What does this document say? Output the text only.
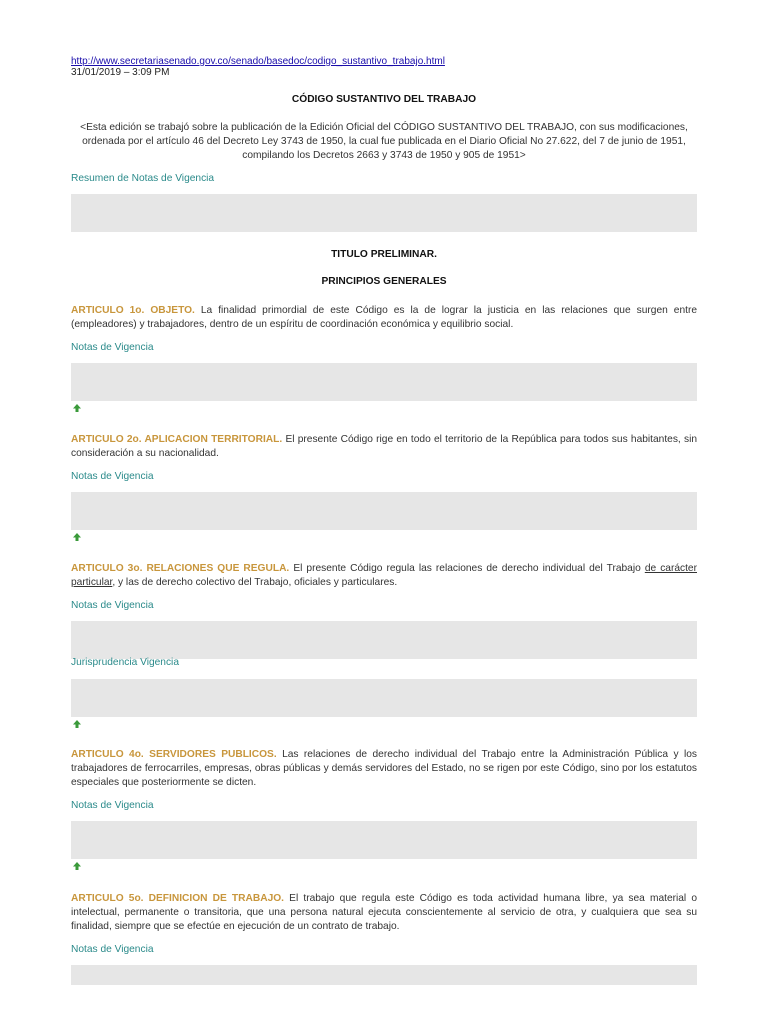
http://www.secretariasenado.gov.co/senado/basedoc/codigo_sustantivo_trabajo.html
31/01/2019 – 3:09 PM
CÓDIGO SUSTANTIVO DEL TRABAJO
<Esta edición se trabajó sobre la publicación de la Edición Oficial del CÓDIGO SUSTANTIVO DEL TRABAJO, con sus modificaciones, ordenada por el artículo 46 del Decreto Ley 3743 de 1950, la cual fue publicada en el Diario Oficial No 27.622, del 7 de junio de 1951, compilando los Decretos 2663 y 3743 de 1950 y 905 de 1951>
Resumen de Notas de Vigencia
TITULO PRELIMINAR.
PRINCIPIOS GENERALES
ARTICULO 1o. OBJETO. La finalidad primordial de este Código es la de lograr la justicia en las relaciones que surgen entre (empleadores) y trabajadores, dentro de un espíritu de coordinación económica y equilibrio social.
Notas de Vigencia
ARTICULO 2o. APLICACION TERRITORIAL. El presente Código rige en todo el territorio de la República para todos sus habitantes, sin consideración a su nacionalidad.
Notas de Vigencia
ARTICULO 3o. RELACIONES QUE REGULA. El presente Código regula las relaciones de derecho individual del Trabajo de carácter particular, y las de derecho colectivo del Trabajo, oficiales y particulares.
Notas de Vigencia
Jurisprudencia Vigencia
ARTICULO 4o. SERVIDORES PUBLICOS. Las relaciones de derecho individual del Trabajo entre la Administración Pública y los trabajadores de ferrocarriles, empresas, obras públicas y demás servidores del Estado, no se rigen por este Código, sino por los estatutos especiales que posteriormente se dicten.
Notas de Vigencia
ARTICULO 5o. DEFINICION DE TRABAJO. El trabajo que regula este Código es toda actividad humana libre, ya sea material o intelectual, permanente o transitoria, que una persona natural ejecuta conscientemente al servicio de otra, y cualquiera que sea su finalidad, siempre que se efectúe en ejecución de un contrato de trabajo.
Notas de Vigencia
